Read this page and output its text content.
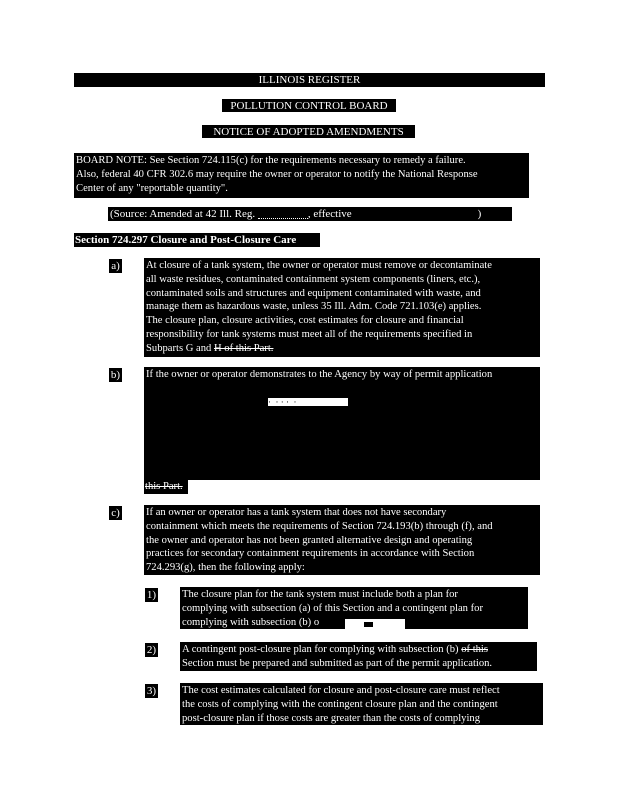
ILLINOIS REGISTER
POLLUTION CONTROL BOARD
NOTICE OF ADOPTED AMENDMENTS
BOARD NOTE: See Section 724.115(c) for the requirements necessary to remedy a failure.
Also, federal 40 CFR 302.6 may require the owner or operator to notify the National Response
Center of any "reportable quantity".
(Source: Amended at 42 Ill. Reg.	, effective	)
Section 724.297 Closure and Post-Closure Care
a) At closure of a tank system, the owner or operator must remove or decontaminate
all waste residues, contaminated containment system components (liners, etc.),
contaminated soils and structures and equipment contaminated with waste, and
manage them as hazardous waste, unless 35 Ill. Adm. Code 721.103(e) applies.
The closure plan, closure activities, cost estimates for closure and financial
responsibility for tank systems must meet all of the requirements specified in
Subparts G and H of this Part.
b) If the owner or operator demonstrates to the Agency by way of permit application
this Part.
·  · · ·  ·
c) If an owner or operator has a tank system that does not have secondary
containment which meets the requirements of Section 724.193(b) through (f), and
the owner and operator has not been granted alternative design and operating
practices for secondary containment requirements in accordance with Section
724.293(g), then the following apply:
1) The closure plan for the tank system must include both a plan for
complying with subsection (a) of this Section and a contingent plan for
complying with subsection (b) o
2) A contingent post-closure plan for complying with subsection (b) of this
Section must be prepared and submitted as part of the permit application.
3) The cost estimates calculated for closure and post-closure care must reflect
the costs of complying with the contingent closure plan and the contingent
post-closure plan if those costs are greater than the costs of complying
